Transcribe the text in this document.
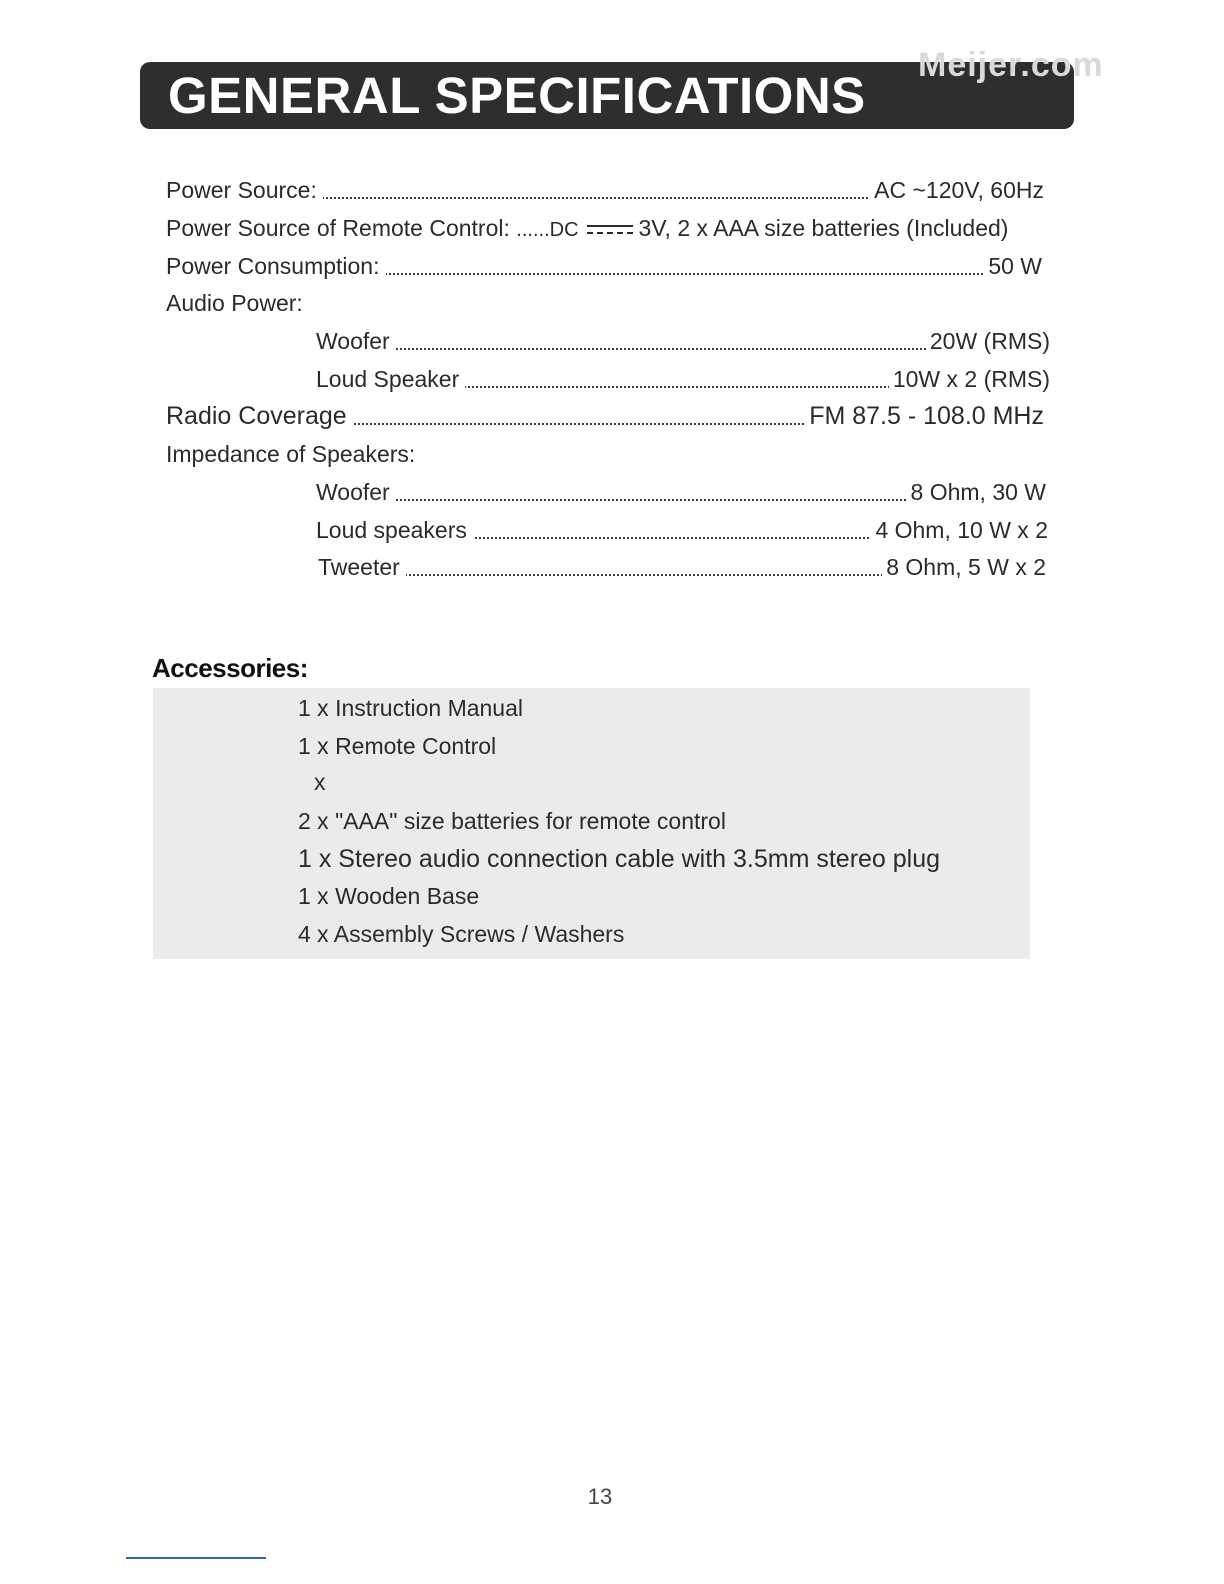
Meijer.com
GENERAL SPECIFICATIONS
Power Source:	AC ~120V, 60Hz
Power Source of Remote Control: ......DC	3V, 2 x AAA size batteries (Included)
Power Consumption:	50 W
Audio Power:
Woofer	20W (RMS)
Loud Speaker	10W x 2 (RMS)
Radio Coverage	FM 87.5 - 108.0 MHz
Impedance of Speakers:
Woofer	8 Ohm, 30 W
Loud speakers	4 Ohm, 10 W x 2
Tweeter	8 Ohm, 5 W x 2
Accessories:
1 x Instruction Manual
1 x Remote Control
x
2 x "AAA" size batteries for remote control
1 x Stereo audio connection cable with 3.5mm stereo plug
1 x Wooden Base
4 x Assembly Screws / Washers
13
